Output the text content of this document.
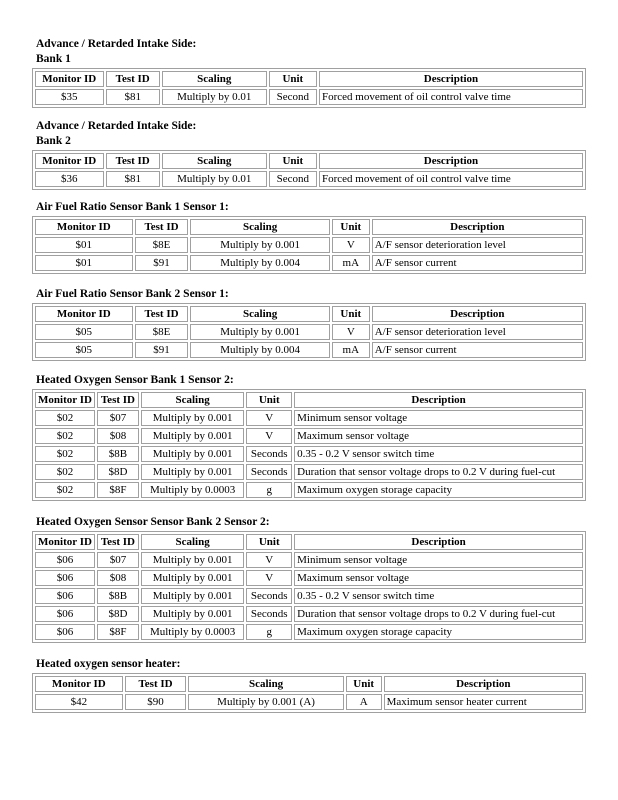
Advance / Retarded Intake Side:
Bank 1
Monitor ID	Test ID	Scaling	Unit	Description
$35	$81	Multiply by 0.01	Second	Forced movement of oil control valve time
Advance / Retarded Intake Side:
Bank 2
Monitor ID	Test ID	Scaling	Unit	Description
$36	$81	Multiply by 0.01	Second	Forced movement of oil control valve time
Air Fuel Ratio Sensor Bank 1 Sensor 1:
Monitor ID	Test ID	Scaling	Unit	Description
$01	$8E	Multiply by 0.001	V	A/F sensor deterioration level
$01	$91	Multiply by 0.004	mA	A/F sensor current
Air Fuel Ratio Sensor Bank 2 Sensor 1:
Monitor ID	Test ID	Scaling	Unit	Description
$05	$8E	Multiply by 0.001	V	A/F sensor deterioration level
$05	$91	Multiply by 0.004	mA	A/F sensor current
Heated Oxygen Sensor Bank 1 Sensor 2:
Monitor ID	Test ID	Scaling	Unit	Description
$02	$07	Multiply by 0.001	V	Minimum sensor voltage
$02	$08	Multiply by 0.001	V	Maximum sensor voltage
$02	$8B	Multiply by 0.001	Seconds	0.35 - 0.2 V sensor switch time
$02	$8D	Multiply by 0.001	Seconds	Duration that sensor voltage drops to 0.2 V during fuel-cut
$02	$8F	Multiply by 0.0003	g	Maximum oxygen storage capacity
Heated Oxygen Sensor Sensor Bank 2 Sensor 2:
Monitor ID	Test ID	Scaling	Unit	Description
$06	$07	Multiply by 0.001	V	Minimum sensor voltage
$06	$08	Multiply by 0.001	V	Maximum sensor voltage
$06	$8B	Multiply by 0.001	Seconds	0.35 - 0.2 V sensor switch time
$06	$8D	Multiply by 0.001	Seconds	Duration that sensor voltage drops to 0.2 V during fuel-cut
$06	$8F	Multiply by 0.0003	g	Maximum oxygen storage capacity
Heated oxygen sensor heater:
Monitor ID	Test ID	Scaling	Unit	Description
$42	$90	Multiply by 0.001 (A)	A	Maximum sensor heater current
